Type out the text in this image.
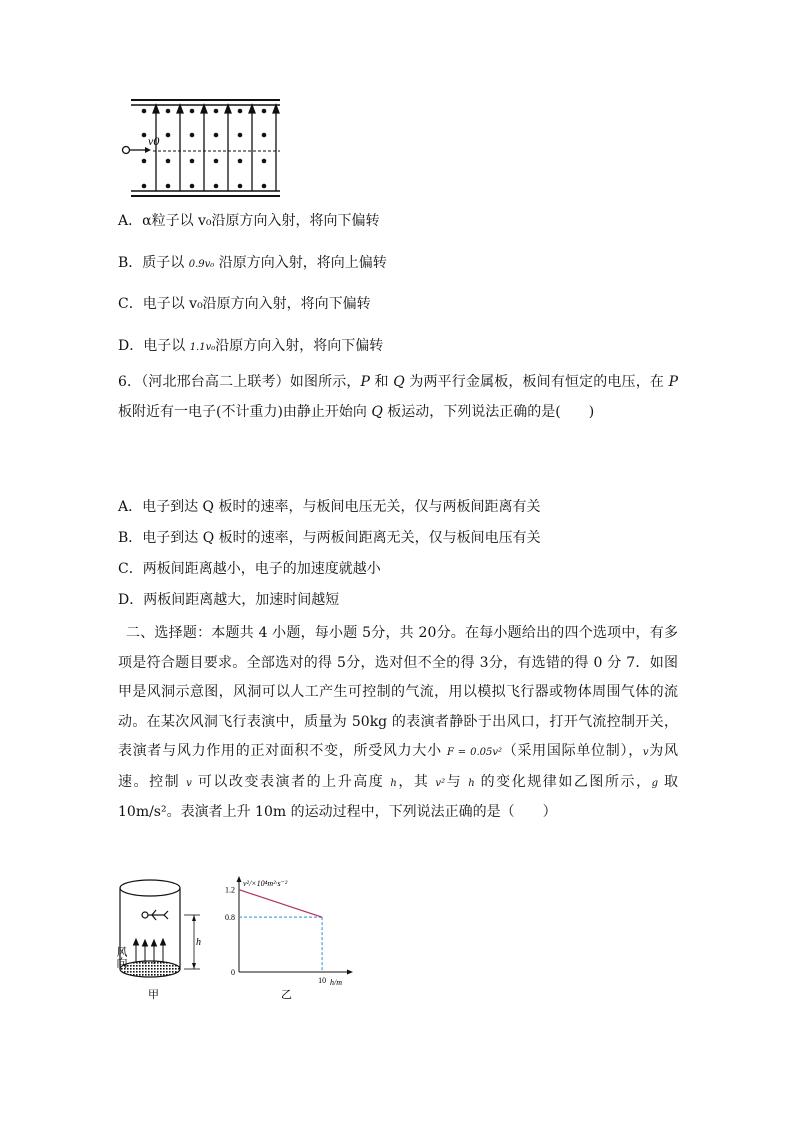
v0
A．α粒子以 v₀沿原方向入射，将向下偏转
B．质子以 0.9v₀ 沿原方向入射，将向上偏转
C．电子以 v₀沿原方向入射，将向下偏转
D．电子以 1.1v₀沿原方向入射，将向下偏转
6．（河北邢台高二上联考）如图所示，P 和 Q 为两平行金属板，板间有恒定的电压，在 P 板附近有一电子(不计重力)由静止开始向 Q 板运动，下列说法正确的是(　　)
A．电子到达 Q 板时的速率，与板间电压无关，仅与两板间距离有关
B．电子到达 Q 板时的速率，与两板间距离无关，仅与板间电压有关
C．两板间距离越小，电子的加速度就越小
D．两板间距离越大，加速时间越短
二、选择题：本题共 4 小题，每小题 5分，共 20分。在每小题给出的四个选项中，有多项是符合题目要求。全部选对的得 5分，选对但不全的得 3分，有选错的得 0 分 7．如图甲是风洞示意图，风洞可以人工产生可控制的气流，用以模拟飞行器或物体周围气体的流动。在某次风洞飞行表演中，质量为 50kg 的表演者静卧于出风口，打开气流控制开关，表演者与风力作用的正对面积不变，所受风力大小 F = 0.05v²（采用国际单位制），v为风速。控制 v 可以改变表演者的上升高度 h，其 v²与 h 的变化规律如乙图所示，g 取 10m/s²。表演者上升 10m 的运动过程中，下列说法正确的是（　　）
风向
h
甲
0
0.8
1.2
10
v²/×10⁴m²·s⁻²
h/m
乙
